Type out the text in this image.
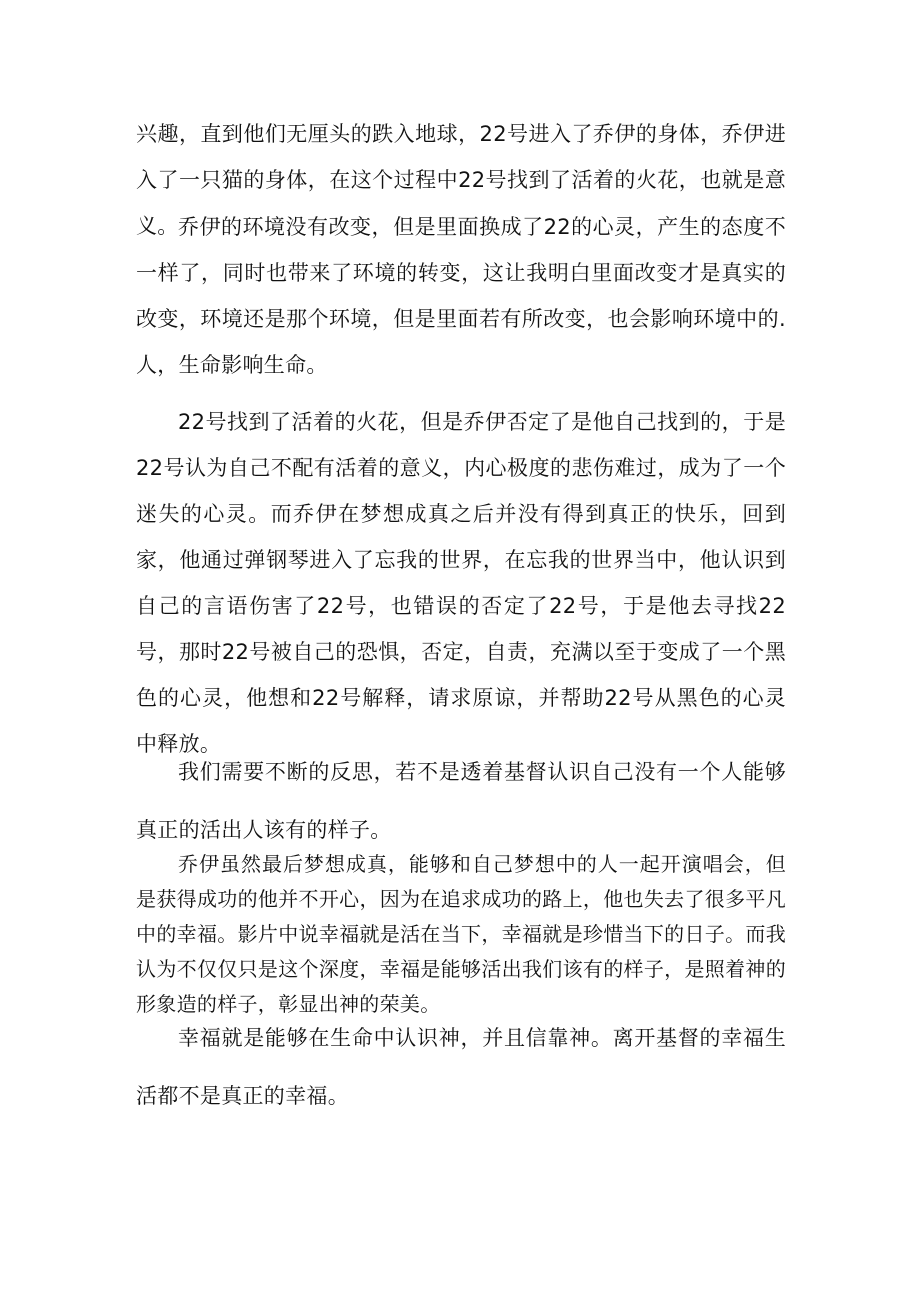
兴趣，直到他们无厘头的跌入地球，22号进入了乔伊的身体，乔伊进入了一只猫的身体，在这个过程中22号找到了活着的火花，也就是意义。 乔伊的环境没有改变，但是里面换成了22的心灵，产生的态度不一样了，同时也带来了环境的转变，这让我明白里面改变才是真实的改变，环境还是那个环境，但是里面若有所改变，也会影响环境中的. 人，生命影响生命。

22号找到了活着的火花，但是乔伊否定了是他自己找到的，于是22号认为自己不配有活着的意义，内心极度的悲伤难过，成为了一个迷失的心灵。而乔伊在梦想成真之后并没有得到真正的快乐，回到家，他通过弹钢琴进入了忘我的世界，在忘我的世界当中，他认识到自己的言语伤害了22号，也错误的否定了22号，于是他去寻找22号，那时22号被自己的恐惧，否定，自责，充满以至于变成了一个黑色的心灵，他想和22号解释，请求原谅，并帮助22号从黑色的心灵中释放。

我们需要不断的反思，若不是透着基督认识自己没有一个人能够真正的活出人该有的样子。

乔伊虽然最后梦想成真，能够和自己梦想中的人一起开演唱会，但是获得成功的他并不开心，因为在追求成功的路上，他也失去了很多平凡中的幸福。影片中说幸福就是活在当下，幸福就是珍惜当下的日子。而我认为不仅仅只是这个深度，幸福是能够活出我们该有的样子，是照着神的形象造的样子，彰显出神的荣美。

幸福就是能够在生命中认识神，并且信靠神。离开基督的幸福生活都不是真正的幸福。
